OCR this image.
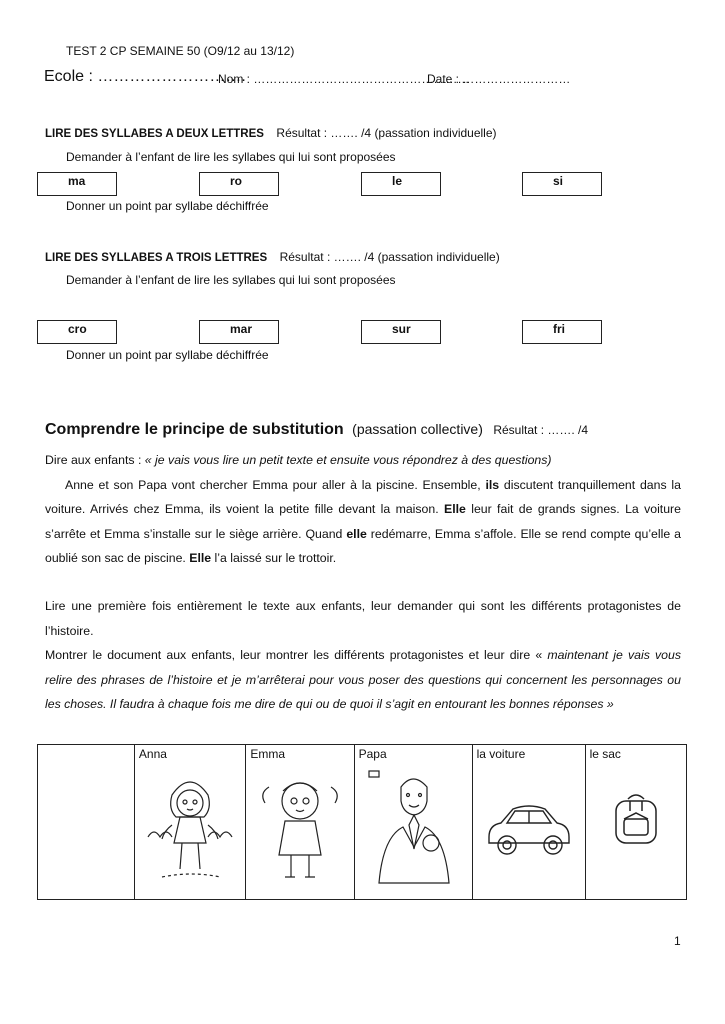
TEST 2 CP SEMAINE 50 (O9/12 au 13/12)
Ecole : ……………………….
Nom : ………………………………………………
Date : ………………………
LIRE DES SYLLABES A DEUX LETTRES Résultat : ……. /4 (passation individuelle)
Demander à l’enfant de lire les syllabes qui lui sont proposées
ma	ro	le	si
Donner un point par syllabe déchiffrée
LIRE DES SYLLABES A TROIS LETTRES Résultat : ……. /4 (passation individuelle)
Demander à l’enfant de lire les syllabes qui lui sont proposées
cro	mar	sur	fri
Donner un point par syllabe déchiffrée
Comprendre le principe de substitution (passation collective) Résultat : ……. /4

Dire aux enfants : « je vais vous lire un petit texte et ensuite vous répondrez à des questions)

Anne et son Papa vont chercher Emma pour aller à la piscine. Ensemble, ils discutent tranquillement dans la voiture. Arrivés chez Emma, ils voient la petite fille devant la maison. Elle leur fait de grands signes. La voiture s’arrête et Emma s’installe sur le siège arrière. Quand elle redémarre, Emma s’affole. Elle se rend compte qu’elle a oublié son sac de piscine. Elle l’a laissé sur le trottoir.

Lire une première fois entièrement le texte aux enfants, leur demander qui sont les différents protagonistes de l’histoire.

Montrer le document aux enfants, leur montrer les différents protagonistes et leur dire « maintenant je vais vous relire des phrases de l’histoire et je m’arrêterai pour vous poser des questions qui concernent les personnages ou les choses. Il faudra à chaque fois me dire de qui ou de quoi il s’agit en entourant les bonnes réponses »

Anna	Emma	Papa	la voiture	le sac
1
